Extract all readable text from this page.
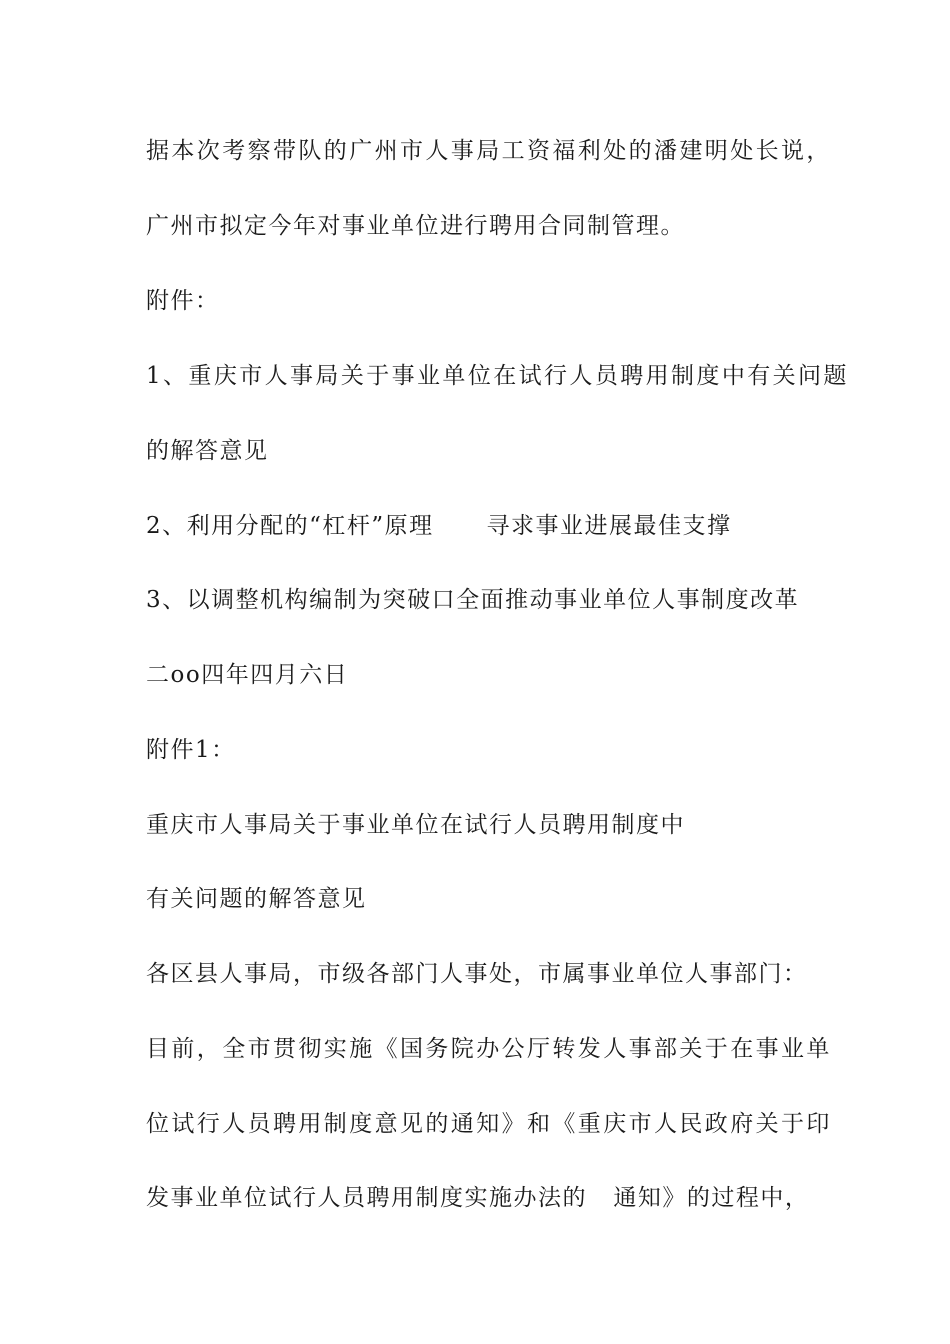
据本次考察带队的广州市人事局工资福利处的潘建明处长说，

广州市拟定今年对事业单位进行聘用合同制管理。

附件：

1、重庆市人事局关于事业单位在试行人员聘用制度中有关问题

的解答意见

2、利用分配的“杠杆”原理      寻求事业进展最佳支撑

3、以调整机构编制为突破口全面推动事业单位人事制度改革

二oo四年四月六日

附件1：

重庆市人事局关于事业单位在试行人员聘用制度中

有关问题的解答意见

各区县人事局，市级各部门人事处，市属事业单位人事部门：

目前，全市贯彻实施《国务院办公厅转发人事部关于在事业单

位试行人员聘用制度意见的通知》和《重庆市人民政府关于印

发事业单位试行人员聘用制度实施办法的   通知》的过程中，
